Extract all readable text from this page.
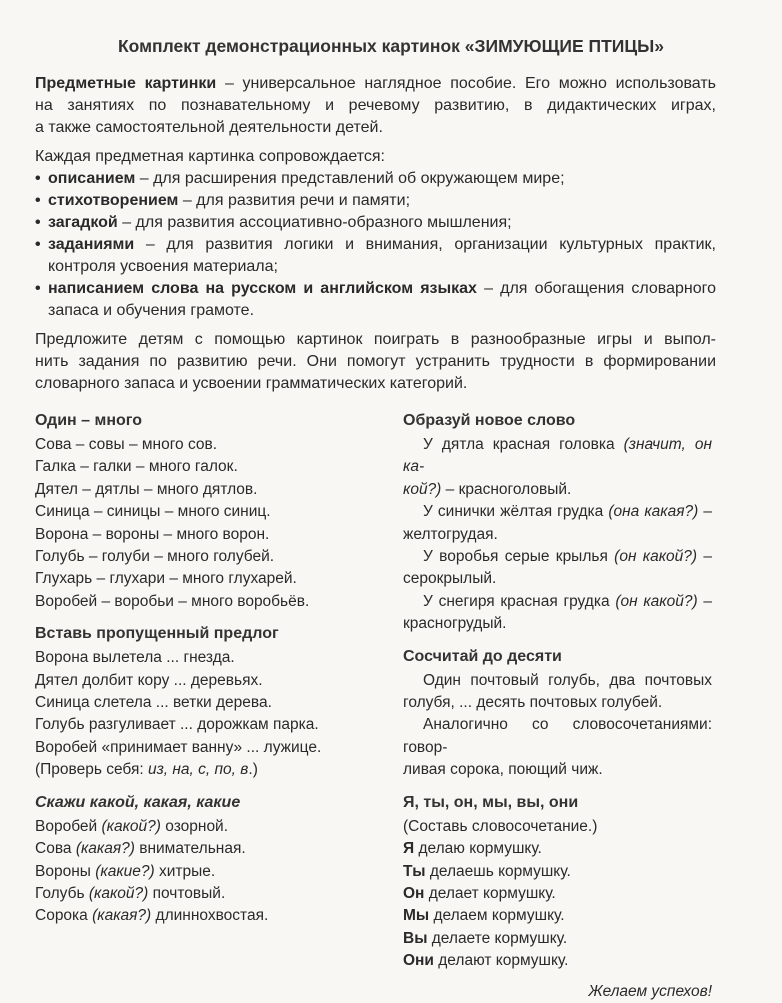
Комплект демонстрационных картинок «ЗИМУЮЩИЕ ПТИЦЫ»
Предметные картинки – универсальное наглядное пособие. Его можно использовать
на занятиях по познавательному и речевому развитию, в дидактических играх,
а также самостоятельной деятельности детей.
Каждая предметная картинка сопровождается:
• описанием – для расширения представлений об окружающем мире;
• стихотворением – для развития речи и памяти;
• загадкой – для развития ассоциативно-образного мышления;
• заданиями – для развития логики и внимания, организации культурных практик,
контроля усвоения материала;
• написанием слова на русском и английском языках – для обогащения словарного
запаса и обучения грамоте.
Предложите детям с помощью картинок поиграть в разнообразные игры и выпол-
нить задания по развитию речи. Они помогут устранить трудности в формировании
словарного запаса и усвоении грамматических категорий.
Один – много
Сова – совы – много сов.
Галка – галки – много галок.
Дятел – дятлы – много дятлов.
Синица – синицы – много синиц.
Ворона – вороны – много ворон.
Голубь – голуби – много голубей.
Глухарь – глухари – много глухарей.
Воробей – воробьи – много воробьёв.
Вставь пропущенный предлог
Ворона вылетела ... гнезда.
Дятел долбит кору ... деревьях.
Синица слетела ... ветки дерева.
Голубь разгуливает ... дорожкам парка.
Воробей «принимает ванну» ... лужице.
(Проверь себя: из, на, с, по, в.)
Скажи какой, какая, какие
Воробей (какой?) озорной.
Сова (какая?) внимательная.
Вороны (какие?) хитрые.
Голубь (какой?) почтовый.
Сорока (какая?) длиннохвостая.
Образуй новое слово
У дятла красная головка (значит, он ка-
кой?) – красноголовый.
У синички жёлтая грудка (она какая?) –
желтогрудая.
У воробья серые крылья (он какой?) –
серокрылый.
У снегиря красная грудка (он какой?) –
красногрудый.
Сосчитай до десяти
Один почтовый голубь, два почтовых
голубя, ... десять почтовых голубей.
Аналогично со словосочетаниями: говор-
ливая сорока, поющий чиж.
Я, ты, он, мы, вы, они
(Составь словосочетание.)
Я делаю кормушку.
Ты делаешь кормушку.
Он делает кормушку.
Мы делаем кормушку.
Вы делаете кормушку.
Они делают кормушку.
Желаем успехов!
